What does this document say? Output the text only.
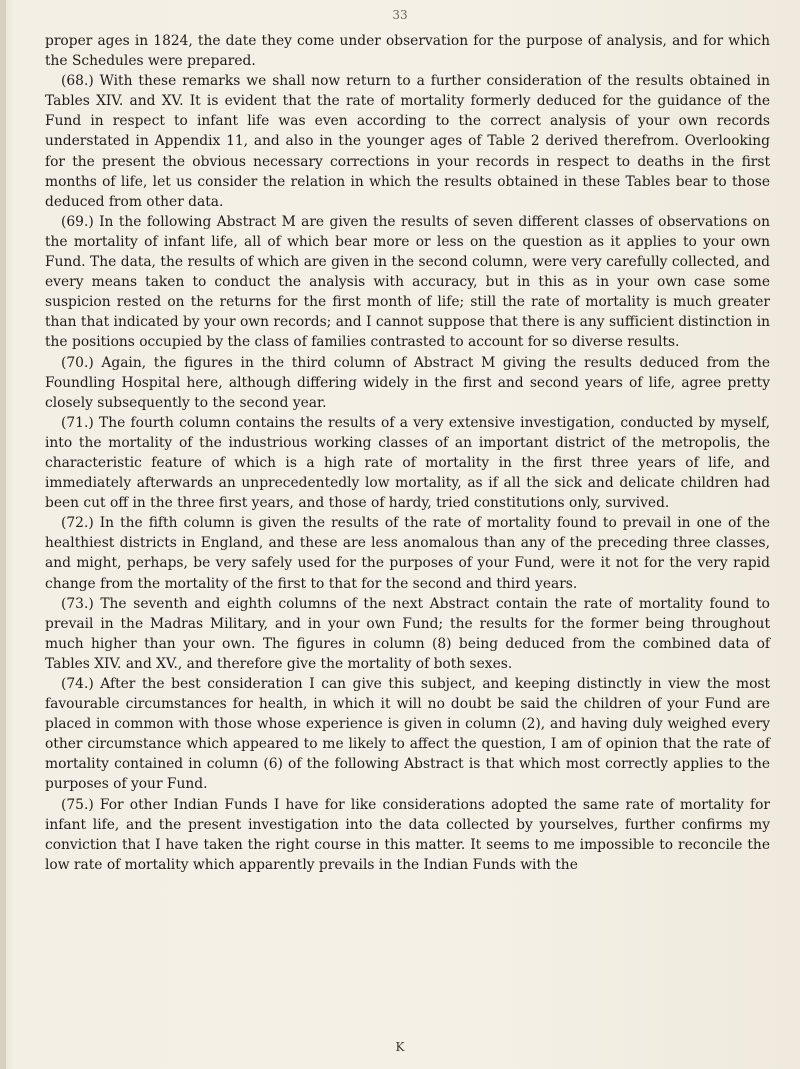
33

proper ages in 1824, the date they come under observation for the purpose of analysis, and for which the Schedules were prepared.

(68.) With these remarks we shall now return to a further consideration of the results obtained in Tables XIV. and XV. It is evident that the rate of mortality formerly deduced for the guidance of the Fund in respect to infant life was even according to the correct analysis of your own records understated in Appendix 11, and also in the younger ages of Table 2 derived therefrom. Overlooking for the present the obvious necessary corrections in your records in respect to deaths in the first months of life, let us consider the relation in which the results obtained in these Tables bear to those deduced from other data.

(69.) In the following Abstract M are given the results of seven different classes of observations on the mortality of infant life, all of which bear more or less on the question as it applies to your own Fund. The data, the results of which are given in the second column, were very carefully collected, and every means taken to conduct the analysis with accuracy, but in this as in your own case some suspicion rested on the returns for the first month of life; still the rate of mortality is much greater than that indicated by your own records; and I cannot suppose that there is any sufficient distinction in the positions occupied by the class of families contrasted to account for so diverse results.

(70.) Again, the figures in the third column of Abstract M giving the results deduced from the Foundling Hospital here, although differing widely in the first and second years of life, agree pretty closely subsequently to the second year.

(71.) The fourth column contains the results of a very extensive investigation, conducted by myself, into the mortality of the industrious working classes of an important district of the metropolis, the characteristic feature of which is a high rate of mortality in the first three years of life, and immediately afterwards an unprecedentedly low mortality, as if all the sick and delicate children had been cut off in the three first years, and those of hardy, tried constitutions only, survived.

(72.) In the fifth column is given the results of the rate of mortality found to prevail in one of the healthiest districts in England, and these are less anomalous than any of the preceding three classes, and might, perhaps, be very safely used for the purposes of your Fund, were it not for the very rapid change from the mortality of the first to that for the second and third years.

(73.) The seventh and eighth columns of the next Abstract contain the rate of mortality found to prevail in the Madras Military, and in your own Fund; the results for the former being throughout much higher than your own. The figures in column (8) being deduced from the combined data of Tables XIV. and XV., and therefore give the mortality of both sexes.

(74.) After the best consideration I can give this subject, and keeping distinctly in view the most favourable circumstances for health, in which it will no doubt be said the children of your Fund are placed in common with those whose experience is given in column (2), and having duly weighed every other circumstance which appeared to me likely to affect the question, I am of opinion that the rate of mortality contained in column (6) of the following Abstract is that which most correctly applies to the purposes of your Fund.

(75.) For other Indian Funds I have for like considerations adopted the same rate of mortality for infant life, and the present investigation into the data collected by yourselves, further confirms my conviction that I have taken the right course in this matter. It seems to me impossible to reconcile the low rate of mortality which apparently prevails in the Indian Funds with the

K
